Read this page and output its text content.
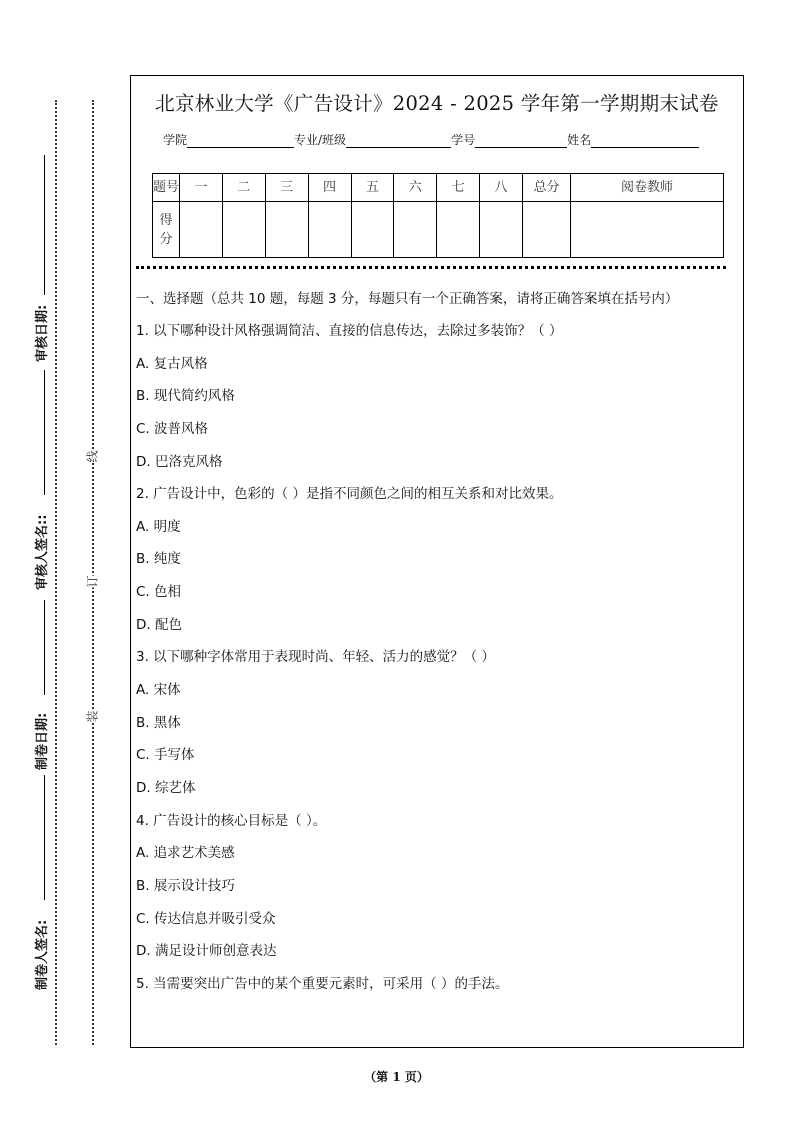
制卷人签名:
制卷日期:
审核人签名::
审核日期:
装
订
线
北京林业大学《广告设计》2024 - 2025 学年第一学期期末试卷
学院	专业/班级	学号	姓名
题号	一	二	三	四	五	六	七	八	总分	阅卷教师
得分										
一、选择题（总共 10 题，每题 3 分，每题只有一个正确答案，请将正确答案填在括号内）
1. 以下哪种设计风格强调简洁、直接的信息传达，去除过多装饰？（ ）
A. 复古风格
B. 现代简约风格
C. 波普风格
D. 巴洛克风格
2. 广告设计中，色彩的（ ）是指不同颜色之间的相互关系和对比效果。
A. 明度
B. 纯度
C. 色相
D. 配色
3. 以下哪种字体常用于表现时尚、年轻、活力的感觉？（ ）
A. 宋体
B. 黑体
C. 手写体
D. 综艺体
4. 广告设计的核心目标是（ ）。
A. 追求艺术美感
B. 展示设计技巧
C. 传达信息并吸引受众
D. 满足设计师创意表达
5. 当需要突出广告中的某个重要元素时，可采用（ ）的手法。
（第 1 页）
